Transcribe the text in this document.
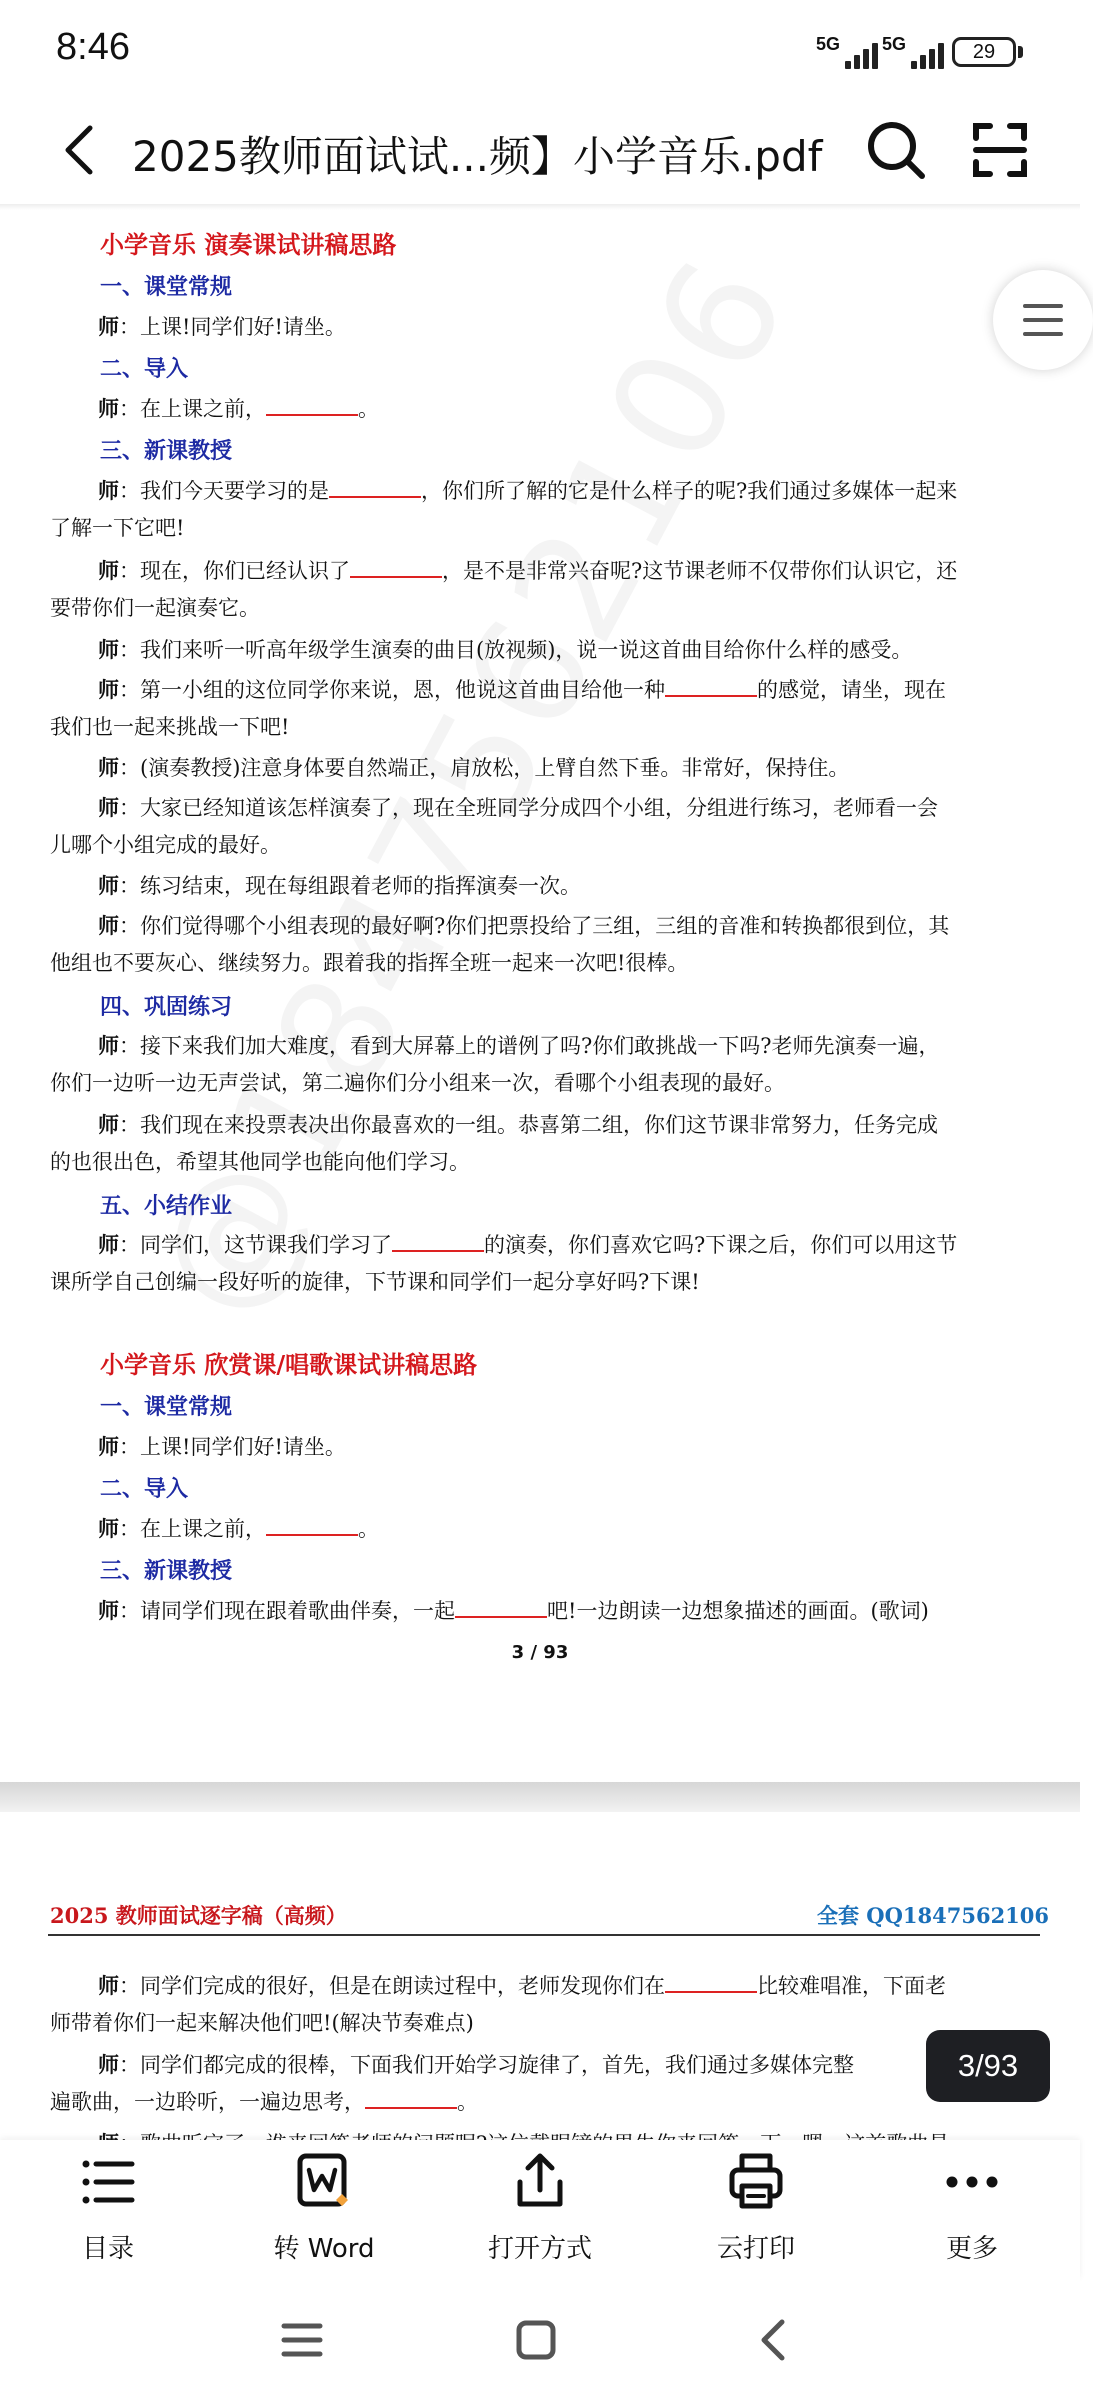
8:46	5G 5G	29
2025教师面试试...频】小学音乐.pdf
小学音乐 演奏课试讲稿思路
一、课堂常规
师：上课!同学们好!请坐。
二、导入
师：在上课之前，	。
三、新课教授
师：我们今天要学习的是	，你们所了解的它是什么样子的呢?我们通过多媒体一起来
了解一下它吧!
师：现在，你们已经认识了	，是不是非常兴奋呢?这节课老师不仅带你们认识它，还
要带你们一起演奏它。
师：我们来听一听高年级学生演奏的曲目(放视频)，说一说这首曲目给你什么样的感受。
师：第一小组的这位同学你来说，恩，他说这首曲目给他一种	的感觉，请坐，现在
我们也一起来挑战一下吧!
师：(演奏教授)注意身体要自然端正，肩放松，上臂自然下垂。非常好，保持住。
师：大家已经知道该怎样演奏了，现在全班同学分成四个小组，分组进行练习，老师看一会
儿哪个小组完成的最好。
师：练习结束，现在每组跟着老师的指挥演奏一次。
师：你们觉得哪个小组表现的最好啊?你们把票投给了三组，三组的音准和转换都很到位，其
他组也不要灰心、继续努力。跟着我的指挥全班一起来一次吧!很棒。
四、巩固练习
师：接下来我们加大难度，看到大屏幕上的谱例了吗?你们敢挑战一下吗?老师先演奏一遍，
你们一边听一边无声尝试，第二遍你们分小组来一次，看哪个小组表现的最好。
师：我们现在来投票表决出你最喜欢的一组。恭喜第二组，你们这节课非常努力，任务完成
的也很出色，希望其他同学也能向他们学习。
五、小结作业
师：同学们，这节课我们学习了	的演奏，你们喜欢它吗?下课之后，你们可以用这节
课所学自己创编一段好听的旋律，下节课和同学们一起分享好吗?下课!
小学音乐 欣赏课/唱歌课试讲稿思路
一、课堂常规
师：上课!同学们好!请坐。
二、导入
师：在上课之前，	。
三、新课教授
师：请同学们现在跟着歌曲伴奏，一起	吧!一边朗读一边想象描述的画面。(歌词)
3 / 93
2025 教师面试逐字稿（高频）	全套 QQ1847562106
师：同学们完成的很好，但是在朗读过程中，老师发现你们在	比较难唱准，下面老
师带着你们一起来解决他们吧!(解决节奏难点)
师：同学们都完成的很棒，下面我们开始学习旋律了，首先，我们通过多媒体完整
遍歌曲，一边聆听，一遍边思考，	。
3/93
目录	转 Word	打开方式	云打印	更多
